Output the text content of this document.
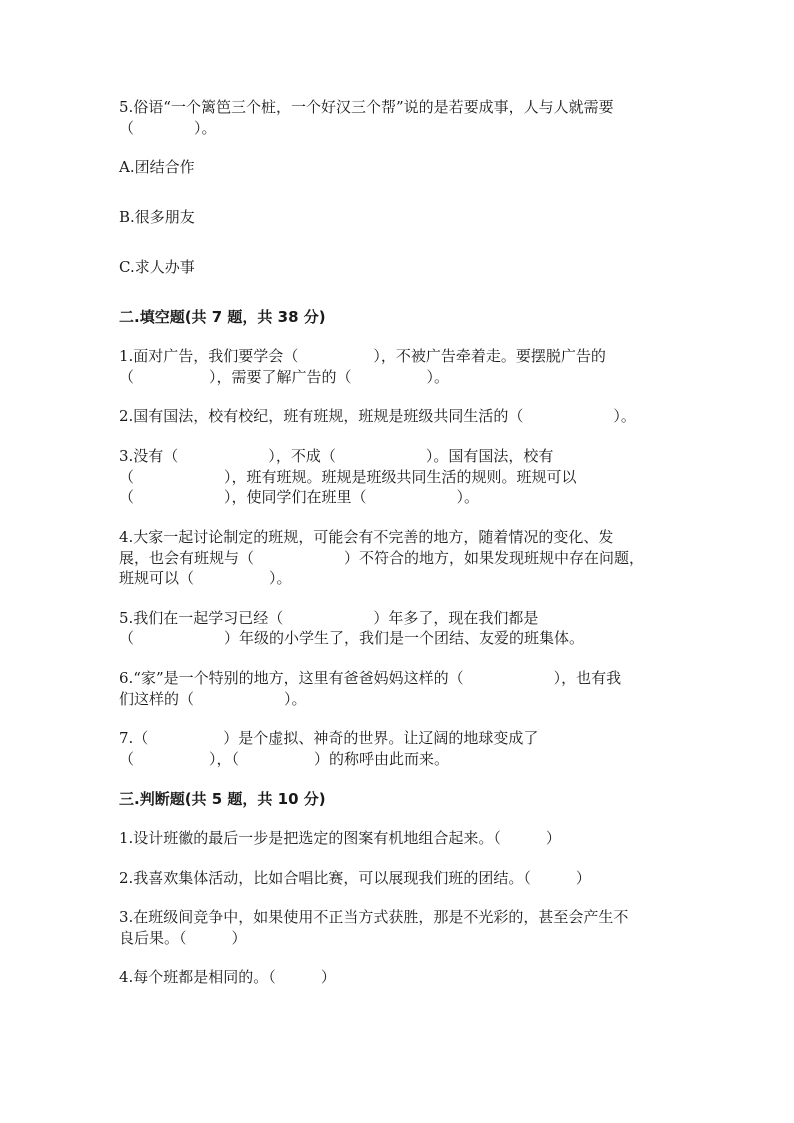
5.俗语“一个篱笆三个桩，一个好汉三个帮”说的是若要成事，人与人就需要

（　　　　）。

A.团结合作

B.很多朋友

C.求人办事

二.填空题(共 7 题，共 38 分)

1.面对广告，我们要学会（　　　　　），不被广告牵着走。要摆脱广告的

（　　　　　），需要了解广告的（　　　　　）。

2.国有国法，校有校纪，班有班规，班规是班级共同生活的（　　　　　　）。

3.没有（　　　　　　），不成（　　　　　　）。国有国法，校有

（　　　　　　），班有班规。班规是班级共同生活的规则。班规可以

（　　　　　　），使同学们在班里（　　　　　　）。

4.大家一起讨论制定的班规，可能会有不完善的地方，随着情况的变化、发

展，也会有班规与（　　　　　　）不符合的地方，如果发现班规中存在问题，

班规可以（　　　　　）。

5.我们在一起学习已经（　　　　　　）年多了，现在我们都是

（　　　　　　）年级的小学生了，我们是一个团结、友爱的班集体。

6.“家”是一个特别的地方，这里有爸爸妈妈这样的（　　　　　　），也有我

们这样的（　　　　　　）。

7.（　　　　　）是个虚拟、神奇的世界。让辽阔的地球变成了

（　　　　　），（　　　　　）的称呼由此而来。

三.判断题(共 5 题，共 10 分)

1.设计班徽的最后一步是把选定的图案有机地组合起来。（　　　）

2.我喜欢集体活动，比如合唱比赛，可以展现我们班的团结。（　　　）

3.在班级间竞争中，如果使用不正当方式获胜，那是不光彩的，甚至会产生不

良后果。（　　　）

4.每个班都是相同的。（　　　）
